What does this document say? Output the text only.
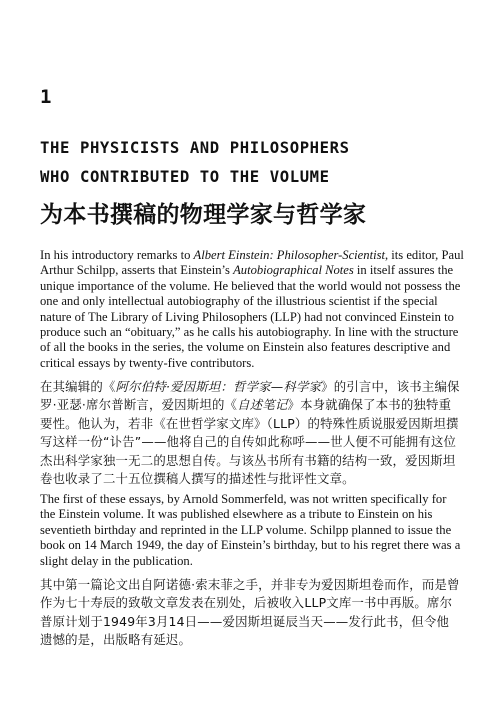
1
THE PHYSICISTS AND PHILOSOPHERS
WHO CONTRIBUTED TO THE VOLUME
为本书撰稿的物理学家与哲学家

In his introductory remarks to Albert Einstein: Philosopher-Scientist, its editor, Paul Arthur Schilpp, asserts that Einstein’s Autobiographical Notes in itself assures the unique importance of the volume. He believed that the world would not possess the one and only intellectual autobiography of the illustrious scientist if the special nature of The Library of Living Philosophers (LLP) had not convinced Einstein to produce such an “obituary,” as he calls his autobiography. In line with the structure of all the books in the series, the volume on Einstein also features descriptive and critical essays by twenty-five contributors.

在其编辑的《阿尔伯特·爱因斯坦：哲学家—科学家》的引言中，该书主编保罗·亚瑟·席尔普断言，爱因斯坦的《自述笔记》本身就确保了本书的独特重要性。他认为，若非《在世哲学家文库》（LLP）的特殊性质说服爱因斯坦撰写这样一份“讣告”——他将自己的自传如此称呼——世人便不可能拥有这位杰出科学家独一无二的思想自传。与该丛书所有书籍的结构一致，爱因斯坦卷也收录了二十五位撰稿人撰写的描述性与批评性文章。

The first of these essays, by Arnold Sommerfeld, was not written specifically for the Einstein volume. It was published elsewhere as a tribute to Einstein on his seventieth birthday and reprinted in the LLP volume. Schilpp planned to issue the book on 14 March 1949, the day of Einstein’s birthday, but to his regret there was a slight delay in the publication.

其中第一篇论文出自阿诺德·索末菲之手，并非专为爱因斯坦卷而作，而是曾作为七十寿辰的致敬文章发表在别处，后被收入LLP文库一书中再版。席尔普原计划于1949年3月14日——爱因斯坦诞辰当天——发行此书，但令他遗憾的是，出版略有延迟。
